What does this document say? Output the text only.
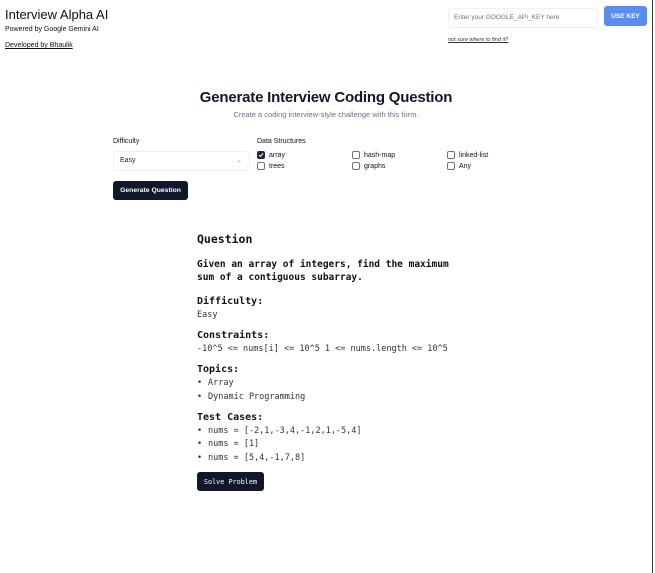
Interview Alpha AI
Powered by Google Gemini AI
Developed by Bhaulik
Enter your GOOGLE_API_KEY here
USE KEY

not sure where to find it?
Generate Interview Coding Question
Create a coding interview-style challenge with this form.
Difficulty
Easy	⌄
Data Structures
array	hash-map	linked-list
trees	graphs	Any
Generate Question
Question
Given an array of integers, find the maximum sum of a contiguous subarray.
Difficulty:
Easy
Constraints:
-10^5 <= nums[i] <= 10^5 1 <= nums.length <= 10^5
Topics:
• Array
• Dynamic Programming
Test Cases:
• nums = [-2,1,-3,4,-1,2,1,-5,4]
• nums = [1]
• nums = [5,4,-1,7,8]
Solve Problem
